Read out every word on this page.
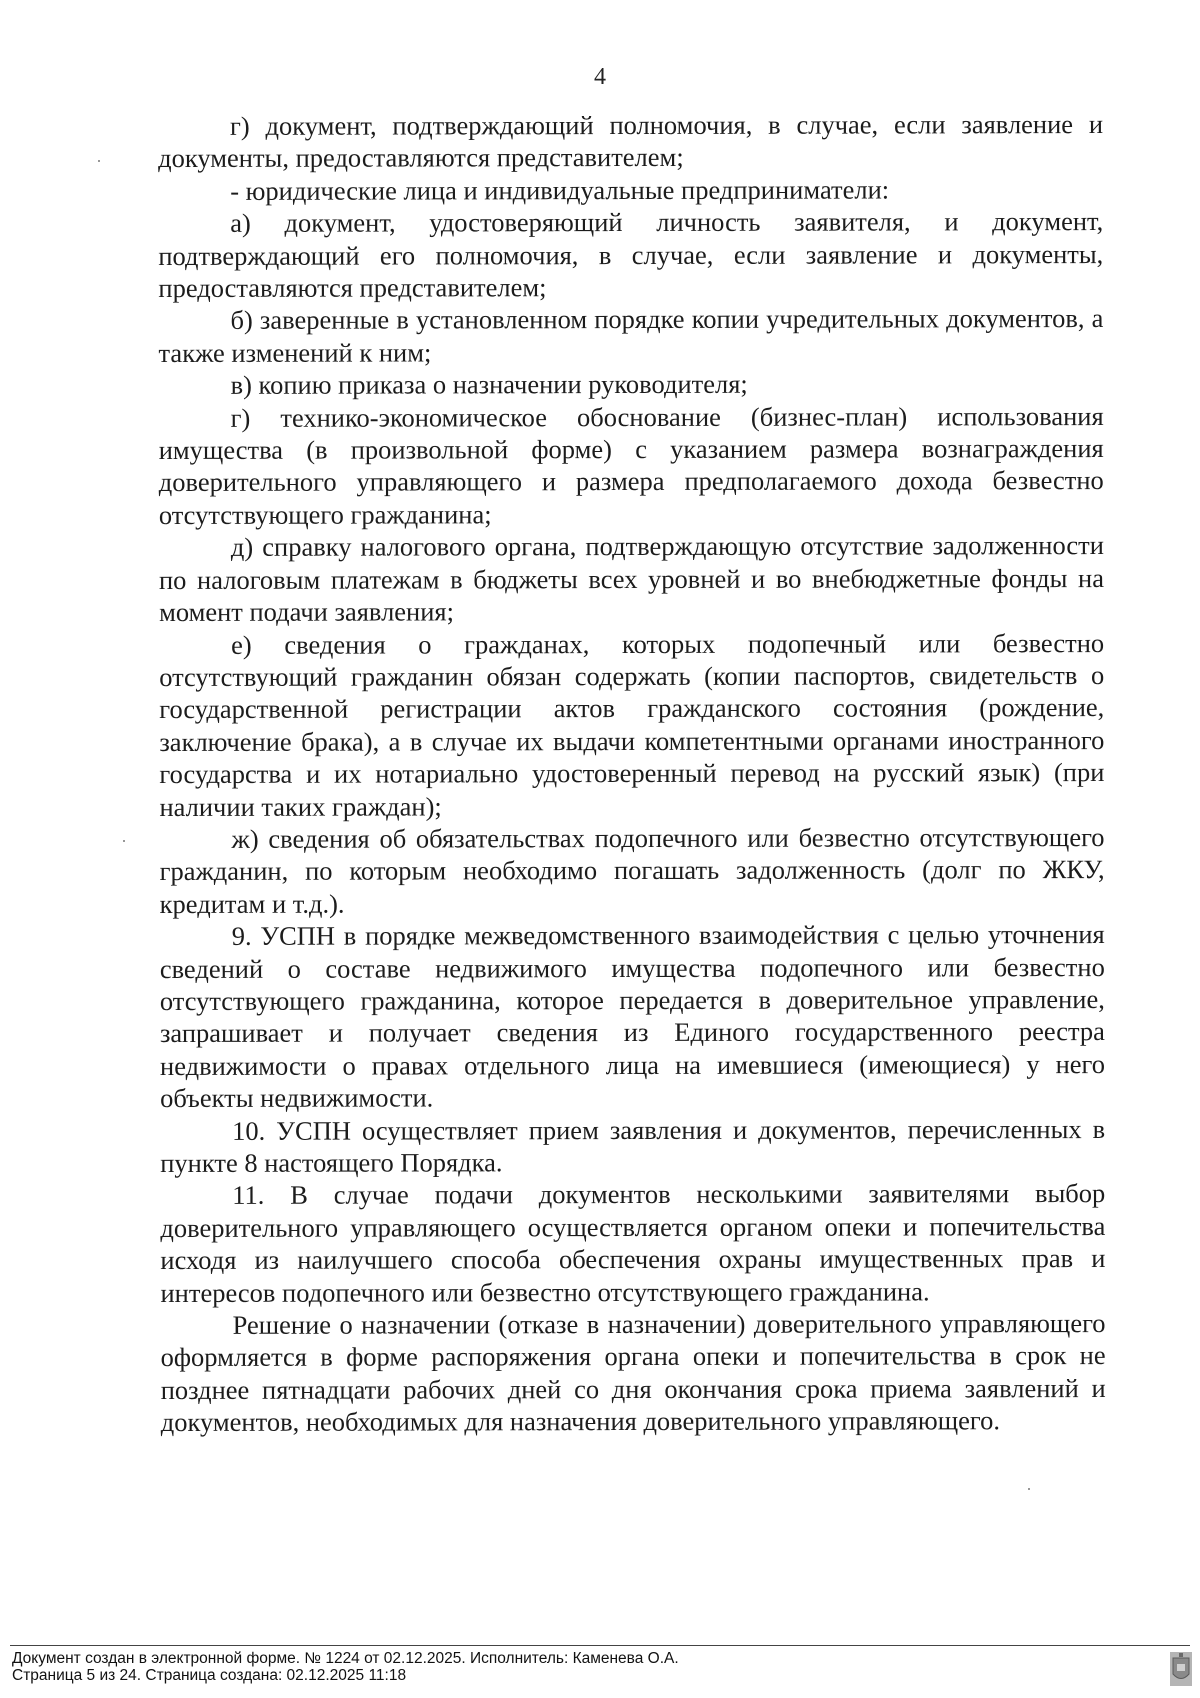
4

г) документ, подтверждающий полномочия, в случае, если заявление и документы, предоставляются представителем;

- юридические лица и индивидуальные предприниматели:

а) документ, удостоверяющий личность заявителя, и документ, подтверждающий его полномочия, в случае, если заявление и документы, предоставляются представителем;

б) заверенные в установленном порядке копии учредительных документов, а также изменений к ним;

в) копию приказа о назначении руководителя;

г) технико-экономическое обоснование (бизнес-план) использования имущества (в произвольной форме) с указанием размера вознаграждения доверительного управляющего и размера предполагаемого дохода безвестно отсутствующего гражданина;

д) справку налогового органа, подтверждающую отсутствие задолженности по налоговым платежам в бюджеты всех уровней и во внебюджетные фонды на момент подачи заявления;

е) сведения о гражданах, которых подопечный или безвестно отсутствующий гражданин обязан содержать (копии паспортов, свидетельств о государственной регистрации актов гражданского состояния (рождение, заключение брака), а в случае их выдачи компетентными органами иностранного государства и их нотариально удостоверенный перевод на русский язык) (при наличии таких граждан);

ж) сведения об обязательствах подопечного или безвестно отсутствующего гражданин, по которым необходимо погашать задолженность (долг по ЖКУ, кредитам и т.д.).

9. УСПН в порядке межведомственного взаимодействия с целью уточнения сведений о составе недвижимого имущества подопечного или безвестно отсутствующего гражданина, которое передается в доверительное управление, запрашивает и получает сведения из Единого государственного реестра недвижимости о правах отдельного лица на имевшиеся (имеющиеся) у него объекты недвижимости.

10. УСПН осуществляет прием заявления и документов, перечисленных в пункте 8 настоящего Порядка.

11. В случае подачи документов несколькими заявителями выбор доверительного управляющего осуществляется органом опеки и попечительства исходя из наилучшего способа обеспечения охраны имущественных прав и интересов подопечного или безвестно отсутствующего гражданина.

Решение о назначении (отказе в назначении) доверительного управляющего оформляется в форме распоряжения органа опеки и попечительства в срок не позднее пятнадцати рабочих дней со дня окончания срока приема заявлений и документов, необходимых для назначения доверительного управляющего.

Документ создан в электронной форме. № 1224 от 02.12.2025. Исполнитель: Каменева О.А.
Страница 5 из 24. Страница создана: 02.12.2025 11:18
